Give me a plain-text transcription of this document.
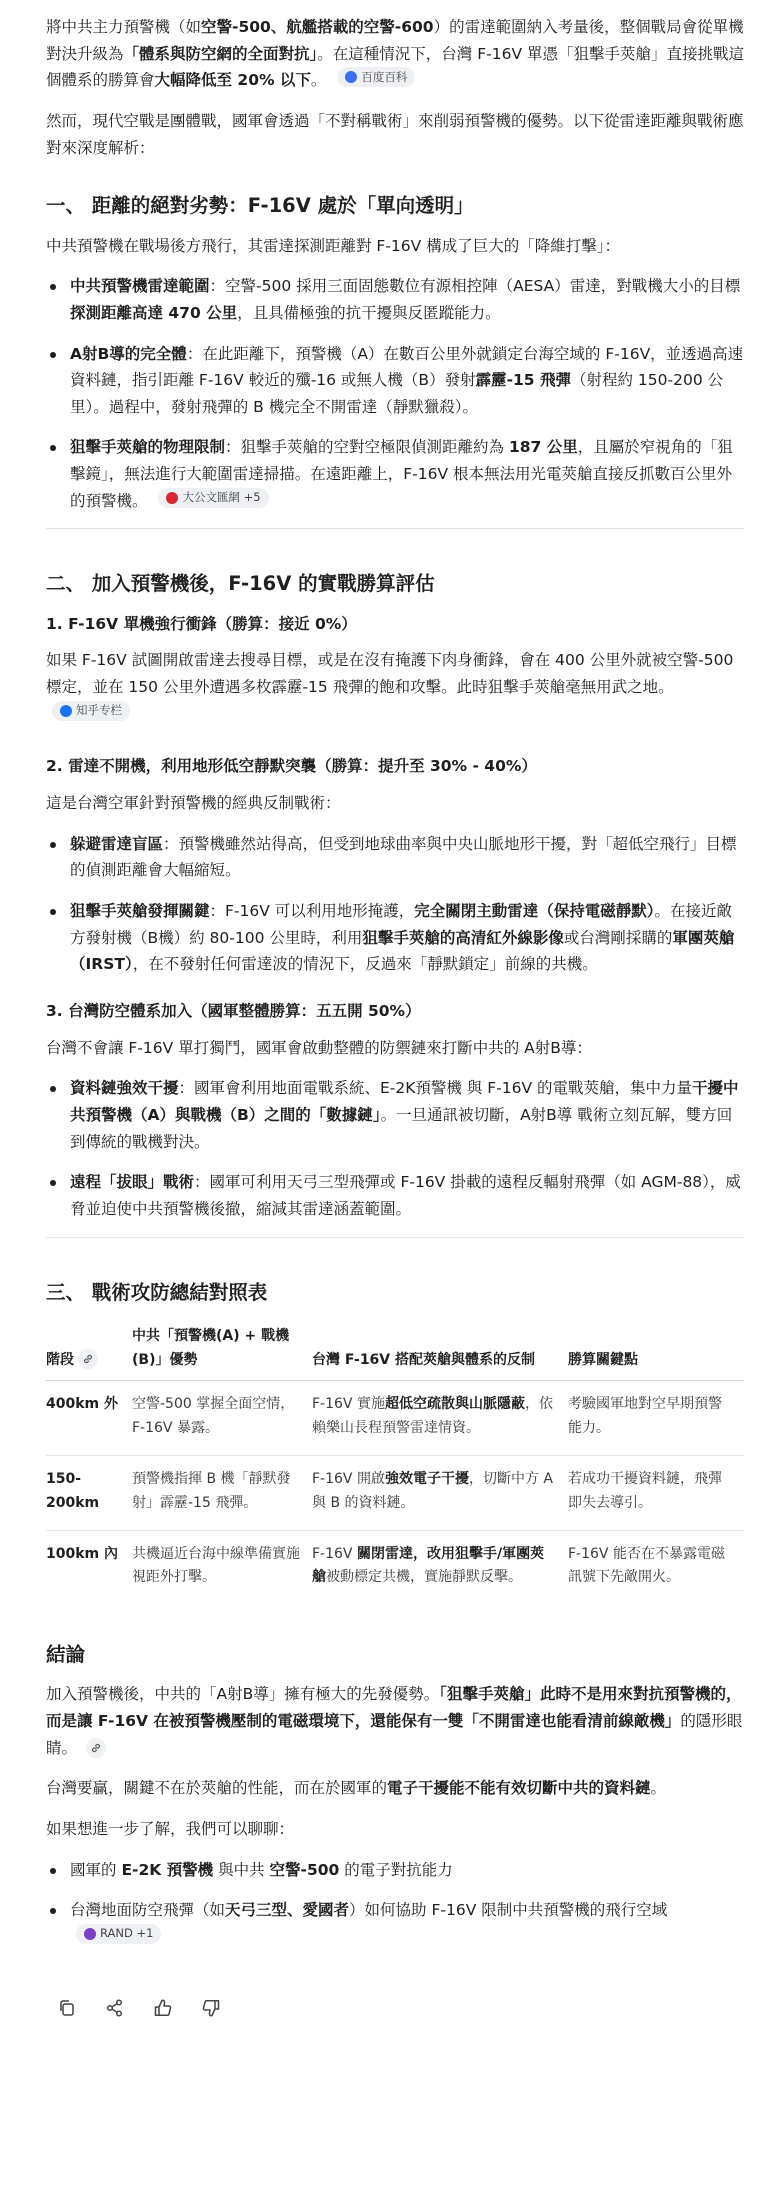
將中共主力預警機（如空警-500、航艦搭載的空警-600）的雷達範圍納入考量後，整個戰局會從單機對決升級為「體系與防空網的全面對抗」。在這種情況下，台灣 F-16V 單憑「狙擊手莢艙」直接挑戰這個體系的勝算會大幅降低至 20% 以下。	百度百科

然而，現代空戰是團體戰，國軍會透過「不對稱戰術」來削弱預警機的優勢。以下從雷達距離與戰術應對來深度解析：

一、 距離的絕對劣勢：F-16V 處於「單向透明」

中共預警機在戰場後方飛行，其雷達探測距離對 F-16V 構成了巨大的「降維打擊」：

中共預警機雷達範圍：空警-500 採用三面固態數位有源相控陣（AESA）雷達，對戰機大小的目標探測距離高達 470 公里，且具備極強的抗干擾與反匿蹤能力。
A射B導的完全體：在此距離下，預警機（A）在數百公里外就鎖定台海空域的 F-16V，並透過高速資料鏈，指引距離 F-16V 較近的殲-16 或無人機（B）發射霹靂-15 飛彈（射程約 150-200 公里）。過程中，發射飛彈的 B 機完全不開雷達（靜默獵殺）。
狙擊手莢艙的物理限制：狙擊手莢艙的空對空極限偵測距離約為 187 公里，且屬於窄視角的「狙擊鏡」，無法進行大範圍雷達掃描。在遠距離上，F-16V 根本無法用光電莢艙直接反抓數百公里外的預警機。	大公文匯網 +5
二、 加入預警機後，F-16V 的實戰勝算評估
1. F-16V 單機強行衝鋒（勝算：接近 0%）

如果 F-16V 試圖開啟雷達去搜尋目標，或是在沒有掩護下肉身衝鋒，會在 400 公里外就被空警-500 標定，並在 150 公里外遭遇多枚霹靂-15 飛彈的飽和攻擊。此時狙擊手莢艙毫無用武之地。
知乎专栏

2. 雷達不開機，利用地形低空靜默突襲（勝算：提升至 30% - 40%）

這是台灣空軍針對預警機的經典反制戰術：

躲避雷達盲區：預警機雖然站得高，但受到地球曲率與中央山脈地形干擾，對「超低空飛行」目標的偵測距離會大幅縮短。
狙擊手莢艙發揮關鍵：F-16V 可以利用地形掩護，完全關閉主動雷達（保持電磁靜默）。在接近敵方發射機（B機）約 80-100 公里時，利用狙擊手莢艙的高清紅外線影像或台灣剛採購的軍團莢艙（IRST），在不發射任何雷達波的情況下，反過來「靜默鎖定」前線的共機。
3. 台灣防空體系加入（國軍整體勝算：五五開 50%）

台灣不會讓 F-16V 單打獨鬥，國軍會啟動整體的防禦鏈來打斷中共的 A射B導：

資料鏈強效干擾：國軍會利用地面電戰系統、E-2K預警機 與 F-16V 的電戰莢艙，集中力量干擾中共預警機（A）與戰機（B）之間的「數據鏈」。一旦通訊被切斷，A射B導 戰術立刻瓦解，雙方回到傳統的戰機對決。
遠程「拔眼」戰術：國軍可利用天弓三型飛彈或 F-16V 掛載的遠程反輻射飛彈（如 AGM-88），威脅並迫使中共預警機後撤，縮減其雷達涵蓋範圍。
三、 戰術攻防總結對照表
階段	中共「預警機(A) + 戰機(B)」優勢	台灣 F-16V 搭配莢艙與體系的反制	勝算關鍵點
400km 外	空警-500 掌握全面空情，F-16V 暴露。	F-16V 實施超低空疏散與山脈隱蔽，依賴樂山長程預警雷達情資。	考驗國軍地對空早期預警能力。
150-200km	預警機指揮 B 機「靜默發射」霹靂-15 飛彈。	F-16V 開啟強效電子干擾，切斷中方 A 與 B 的資料鏈。	若成功干擾資料鏈，飛彈即失去導引。
100km 內	共機逼近台海中線準備實施視距外打擊。	F-16V 關閉雷達，改用狙擊手/軍團莢艙被動標定共機，實施靜默反擊。	F-16V 能否在不暴露電磁訊號下先敵開火。
結論

加入預警機後，中共的「A射B導」擁有極大的先發優勢。「狙擊手莢艙」此時不是用來對抗預警機的，而是讓 F-16V 在被預警機壓制的電磁環境下，還能保有一雙「不開雷達也能看清前線敵機」的隱形眼睛。

台灣要贏，關鍵不在於莢艙的性能，而在於國軍的電子干擾能不能有效切斷中共的資料鏈。

如果想進一步了解，我們可以聊聊：

國軍的 E-2K 預警機 與中共 空警-500 的電子對抗能力
台灣地面防空飛彈（如天弓三型、愛國者）如何協助 F-16V 限制中共預警機的飛行空域
RAND +1
